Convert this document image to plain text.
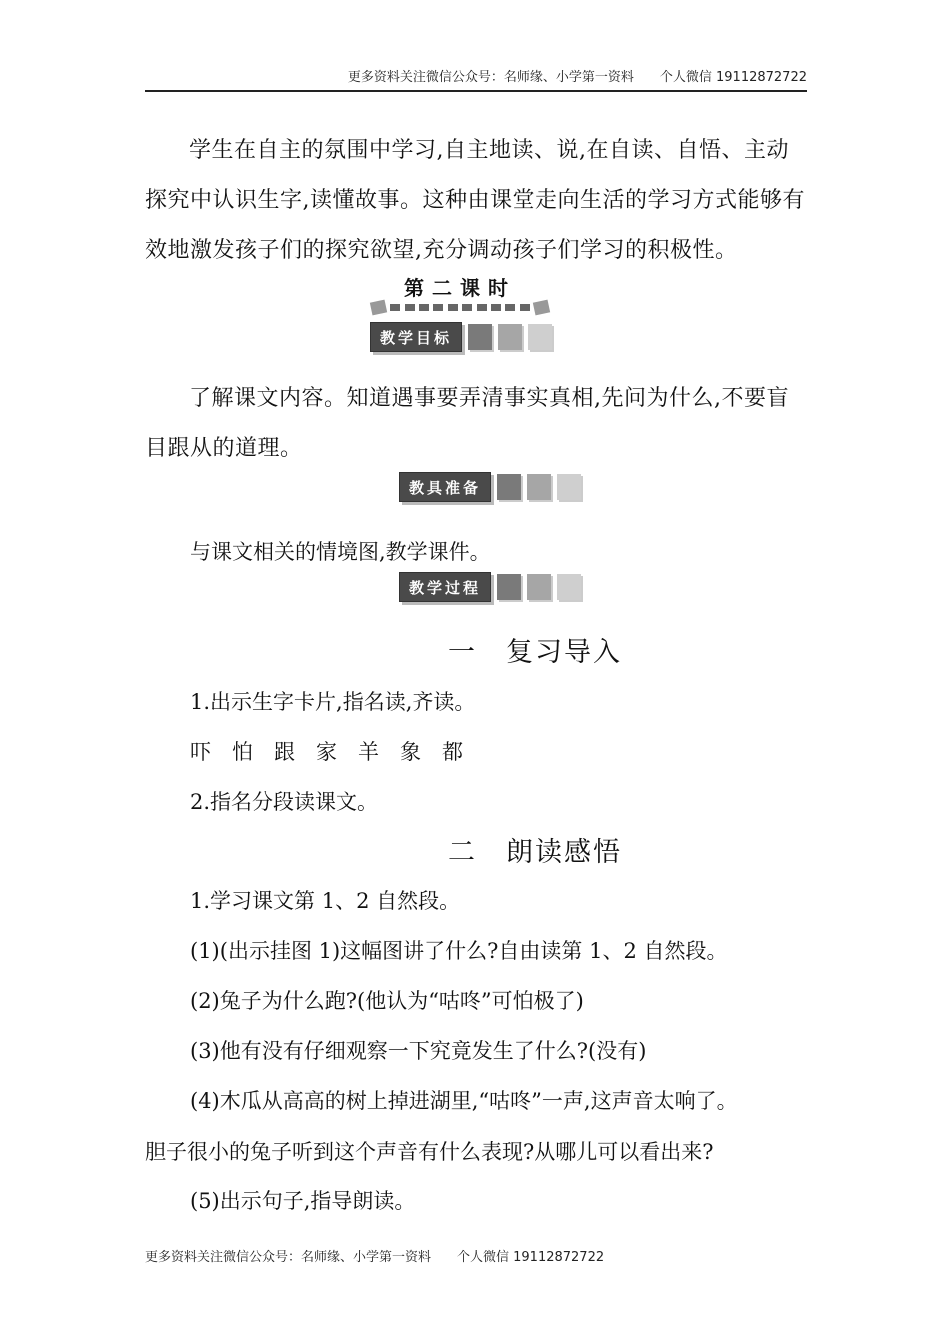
更多资料关注微信公众号：名师缘、小学第一资料　　个人微信 19112872722
学生在自主的氛围中学习,自主地读、说,在自读、自悟、主动
探究中认识生字,读懂故事。这种由课堂走向生活的学习方式能够有
效地激发孩子们的探究欲望,充分调动孩子们学习的积极性。
第二课时
教学目标
了解课文内容。知道遇事要弄清事实真相,先问为什么,不要盲
目跟从的道理。
教具准备
与课文相关的情境图,教学课件。
教学过程
一　复习导入
1.出示生字卡片,指名读,齐读。
吓　怕　跟　家　羊　象　都
2.指名分段读课文。
二　朗读感悟
1.学习课文第 1、2 自然段。
(1)(出示挂图 1)这幅图讲了什么?自由读第 1、2 自然段。
(2)兔子为什么跑?(他认为“咕咚”可怕极了)
(3)他有没有仔细观察一下究竟发生了什么?(没有)
(4)木瓜从高高的树上掉进湖里,“咕咚”一声,这声音太响了。
胆子很小的兔子听到这个声音有什么表现?从哪儿可以看出来?
(5)出示句子,指导朗读。
更多资料关注微信公众号：名师缘、小学第一资料　　个人微信 19112872722
